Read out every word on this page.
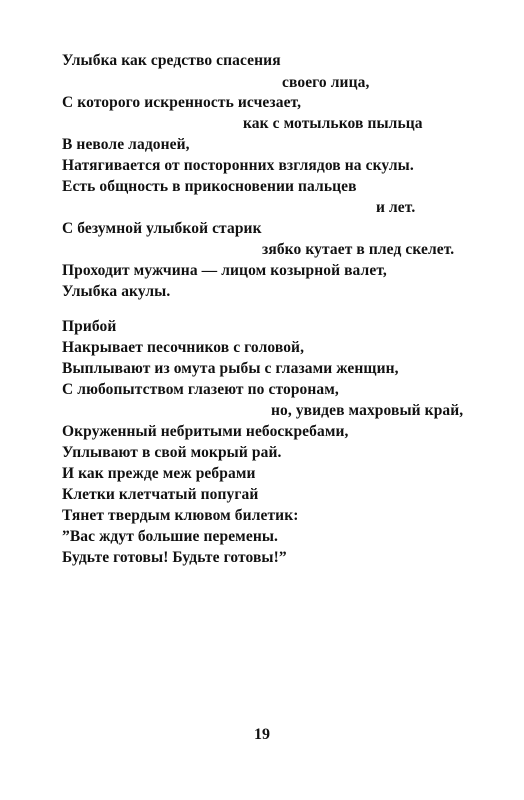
Улыбка как средство спасения
своего лица,
С которого искренность исчезает,
как с мотыльков пыльца
В неволе ладоней,
Натягивается от посторонних взглядов на скулы.
Есть общность в прикосновении пальцев
и лет.
С безумной улыбкой старик
зябко кутает в плед скелет.
Проходит мужчина — лицом козырной валет,
Улыбка акулы.
Прибой
Накрывает песочников с головой,
Выплывают из омута рыбы с глазами женщин,
С любопытством глазеют по сторонам,
но, увидев махровый край,
Окруженный небритыми небоскребами,
Уплывают в свой мокрый рай.
И как прежде меж ребрами
Клетки клетчатый попугай
Тянет твердым клювом билетик:
”Вас ждут большие перемены.
Будьте готовы! Будьте готовы!”
19
